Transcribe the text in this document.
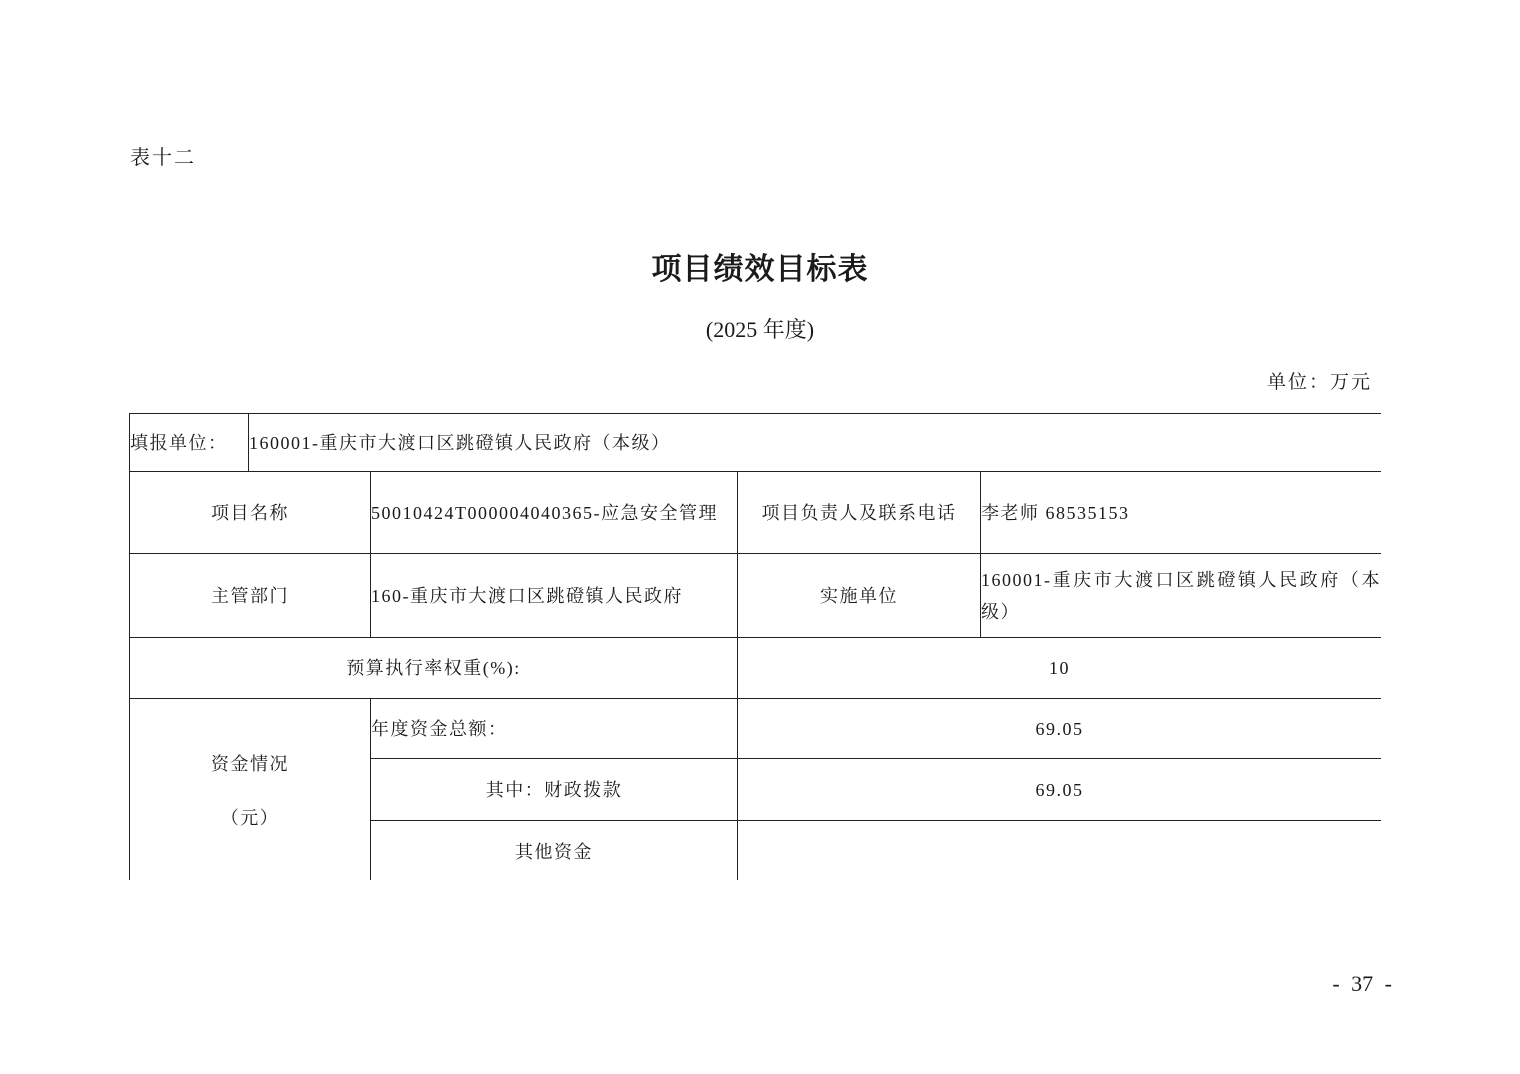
表十二
项目绩效目标表
(2025 年度)
单位：万元
填报单位：	160001-重庆市大渡口区跳磴镇人民政府（本级）			
项目名称		50010424T000004040365-应急安全管理	项目负责人及联系电话	李老师 68535153
主管部门		160-重庆市大渡口区跳磴镇人民政府	实施单位	160001-重庆市大渡口区跳磴镇人民政府（本级）
预算执行率权重(%):			10	

资金情况
（元）		年度资金总额：	69.05	
		其中：财政拨款	69.05	
		其他资金		
- 37 -
